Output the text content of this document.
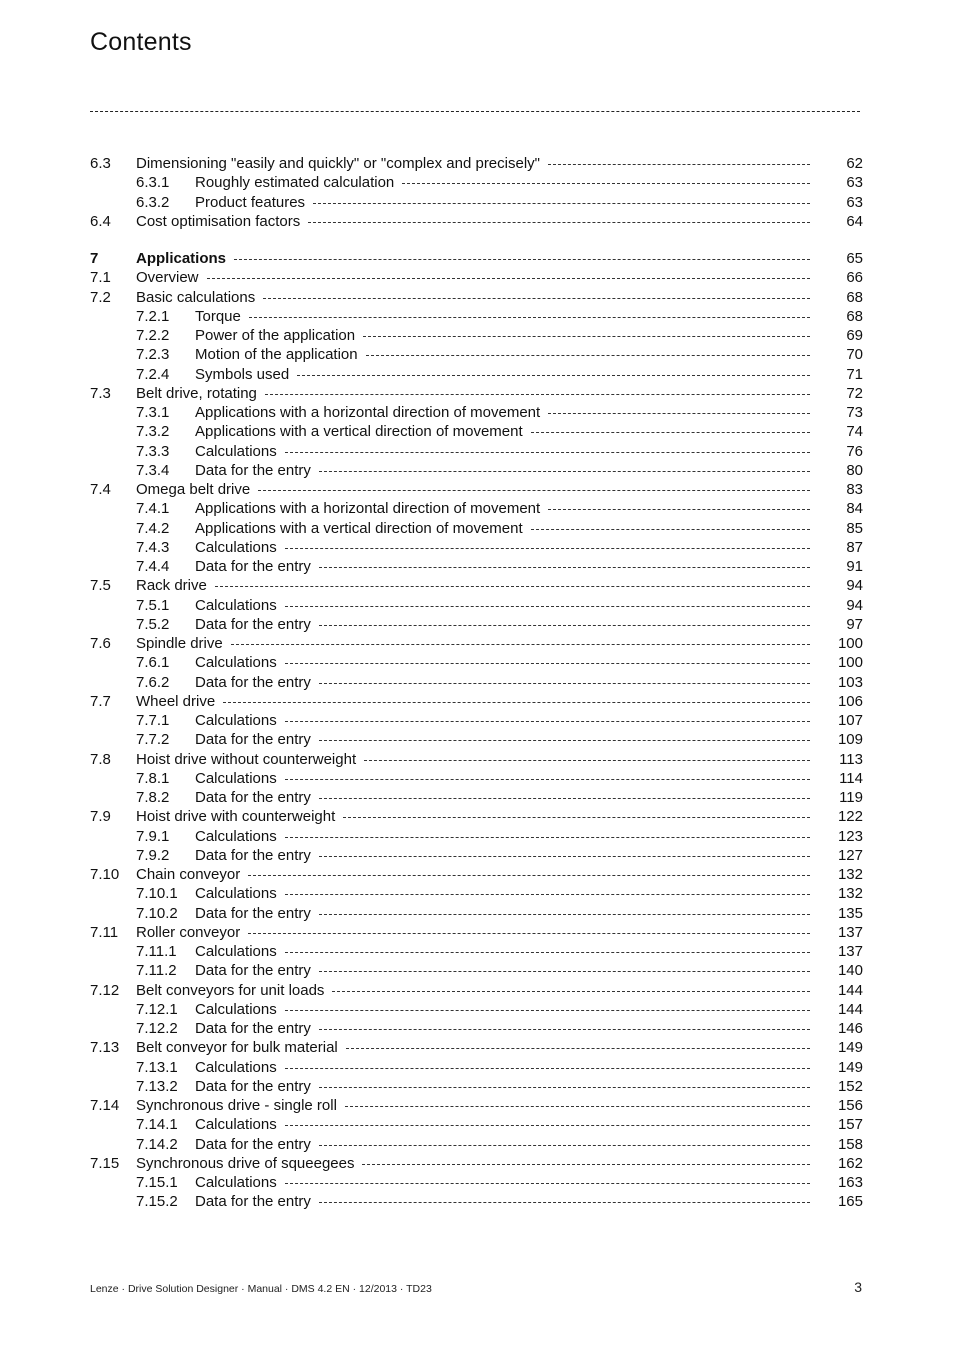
Contents
6.3	Dimensioning "easily and quickly" or "complex and precisely"	62
6.3.1	Roughly estimated calculation	63
6.3.2	Product features	63
6.4	Cost optimisation factors	64
7	Applications	65
7.1	Overview	66
7.2	Basic calculations	68
7.2.1	Torque	68
7.2.2	Power of the application	69
7.2.3	Motion of the application	70
7.2.4	Symbols used	71
7.3	Belt drive, rotating	72
7.3.1	Applications with a horizontal direction of movement	73
7.3.2	Applications with a vertical direction of movement	74
7.3.3	Calculations	76
7.3.4	Data for the entry	80
7.4	Omega belt drive	83
7.4.1	Applications with a horizontal direction of movement	84
7.4.2	Applications with a vertical direction of movement	85
7.4.3	Calculations	87
7.4.4	Data for the entry	91
7.5	Rack drive	94
7.5.1	Calculations	94
7.5.2	Data for the entry	97
7.6	Spindle drive	100
7.6.1	Calculations	100
7.6.2	Data for the entry	103
7.7	Wheel drive	106
7.7.1	Calculations	107
7.7.2	Data for the entry	109
7.8	Hoist drive without counterweight	113
7.8.1	Calculations	114
7.8.2	Data for the entry	119
7.9	Hoist drive with counterweight	122
7.9.1	Calculations	123
7.9.2	Data for the entry	127
7.10	Chain conveyor	132
7.10.1	Calculations	132
7.10.2	Data for the entry	135
7.11	Roller conveyor	137
7.11.1	Calculations	137
7.11.2	Data for the entry	140
7.12	Belt conveyors for unit loads	144
7.12.1	Calculations	144
7.12.2	Data for the entry	146
7.13	Belt conveyor for bulk material	149
7.13.1	Calculations	149
7.13.2	Data for the entry	152
7.14	Synchronous drive - single roll	156
7.14.1	Calculations	157
7.14.2	Data for the entry	158
7.15	Synchronous drive of squeegees	162
7.15.1	Calculations	163
7.15.2	Data for the entry	165
Lenze · Drive Solution Designer · Manual · DMS 4.2 EN · 12/2013 · TD23	3
